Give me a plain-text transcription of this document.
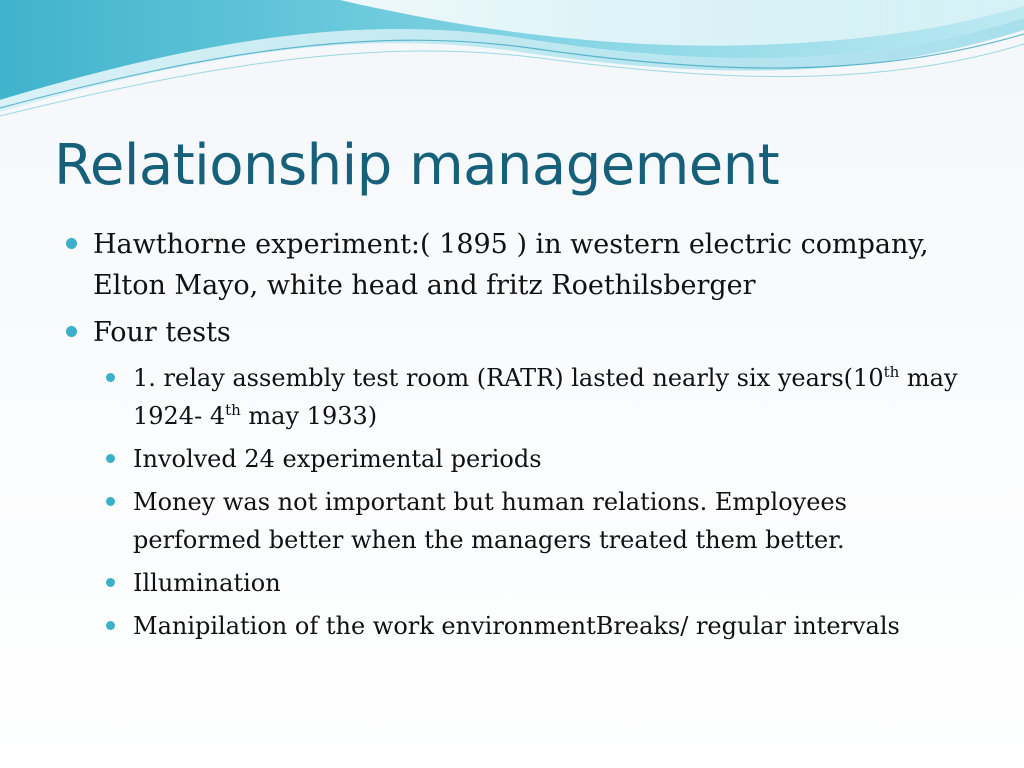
Relationship management
Hawthorne experiment:( 1895 ) in western electric company, Elton Mayo, white head and fritz Roethilsberger
Four tests
1. relay assembly test room (RATR) lasted nearly six years(10th may 1924- 4th may 1933)
Involved 24 experimental periods
Money was not important but human relations. Employees performed better when the managers treated them better.
Illumination
Manipilation of the work environmentBreaks/ regular intervals
